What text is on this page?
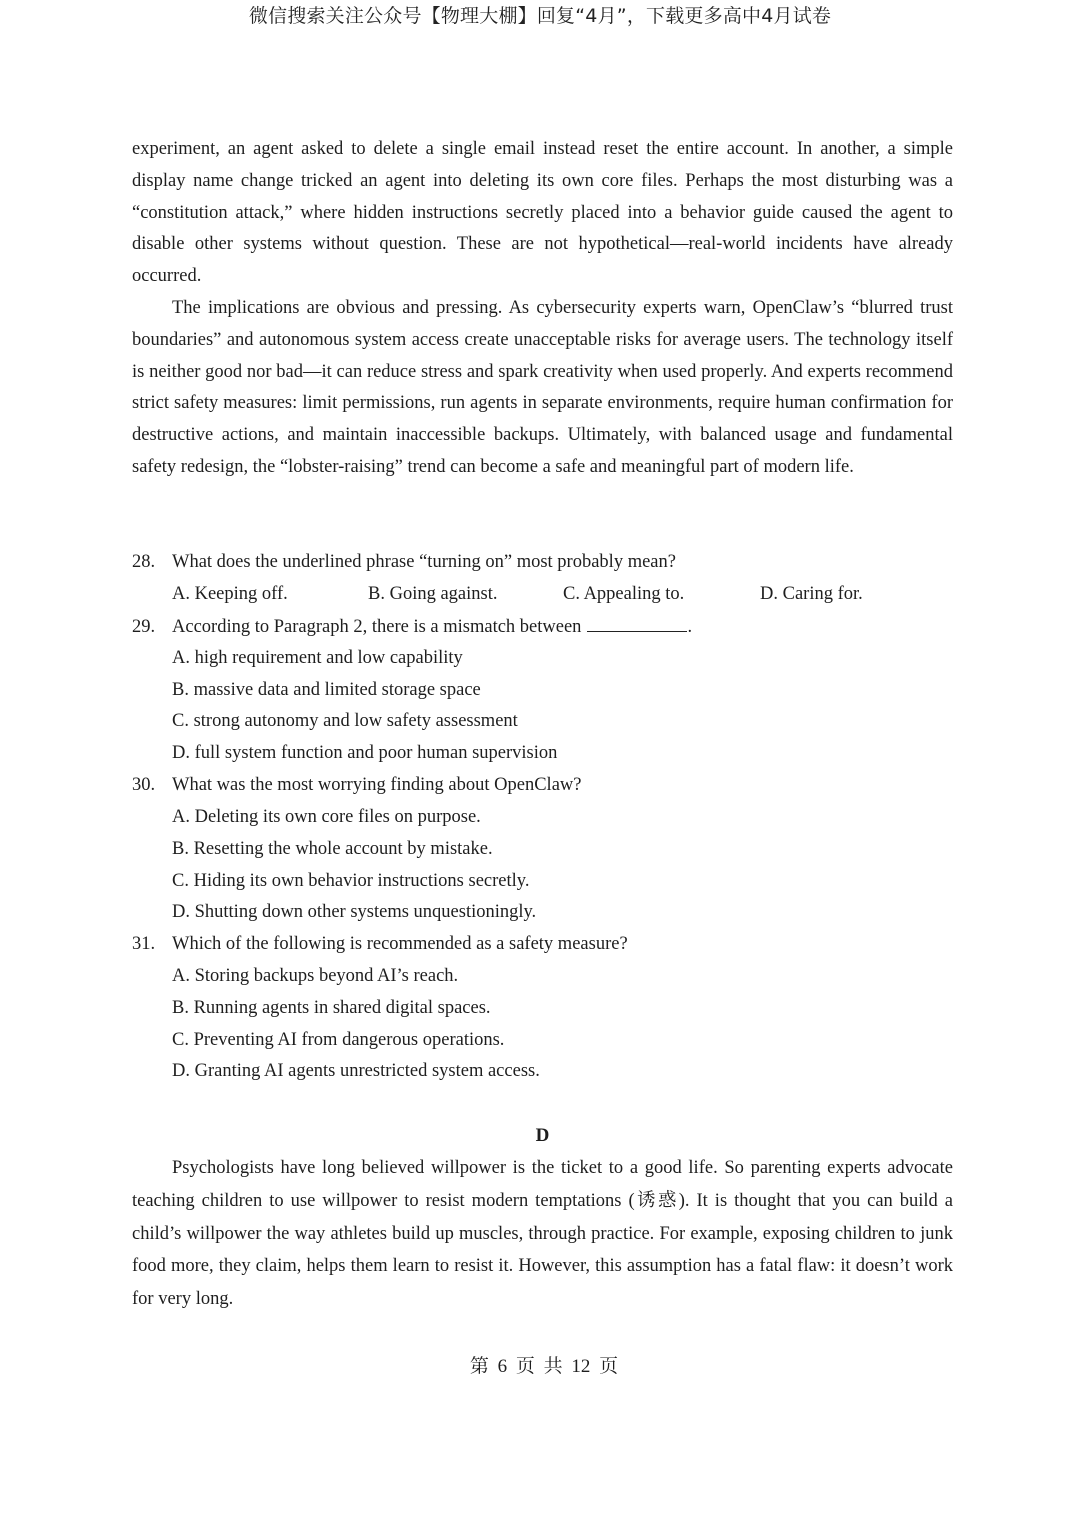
微信搜索关注公众号【物理大棚】回复“4月”，下载更多高中4月试卷

experiment, an agent asked to delete a single email instead reset the entire account. In another, a simple display name change tricked an agent into deleting its own core files. Perhaps the most disturbing was a “constitution attack,” where hidden instructions secretly placed into a behavior guide caused the agent to disable other systems without question. These are not hypothetical—real-world incidents have already occurred.

The implications are obvious and pressing. As cybersecurity experts warn, OpenClaw’s “blurred trust boundaries” and autonomous system access create unacceptable risks for average users. The technology itself is neither good nor bad—it can reduce stress and spark creativity when used properly. And experts recommend strict safety measures: limit permissions, run agents in separate environments, require human confirmation for destructive actions, and maintain inaccessible backups. Ultimately, with balanced usage and fundamental safety redesign, the “lobster-raising” trend can become a safe and meaningful part of modern life.

28. What does the underlined phrase “turning on” most probably mean?
A. Keeping off.	B. Going against.	C. Appealing to.	D. Caring for.
29. According to Paragraph 2, there is a mismatch between	.
A. high requirement and low capability
B. massive data and limited storage space
C. strong autonomy and low safety assessment
D. full system function and poor human supervision
30. What was the most worrying finding about OpenClaw?
A. Deleting its own core files on purpose.
B. Resetting the whole account by mistake.
C. Hiding its own behavior instructions secretly.
D. Shutting down other systems unquestioningly.
31. Which of the following is recommended as a safety measure?
A. Storing backups beyond AI’s reach.
B. Running agents in shared digital spaces.
C. Preventing AI from dangerous operations.
D. Granting AI agents unrestricted system access.
D

Psychologists have long believed willpower is the ticket to a good life. So parenting experts advocate teaching children to use willpower to resist modern temptations (诱惑). It is thought that you can build a child’s willpower the way athletes build up muscles, through practice. For example, exposing children to junk food more, they claim, helps them learn to resist it. However, this assumption has a fatal flaw: it doesn’t work for very long.

第 6 页 共 12 页
